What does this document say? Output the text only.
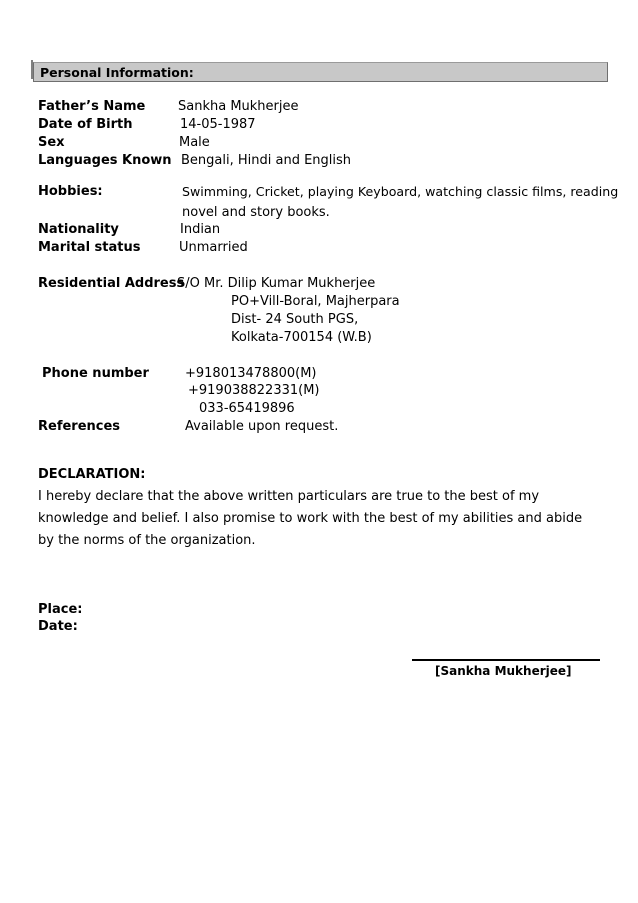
Personal Information:
Father’s Name
Date of Birth
Sex
Languages Known
Hobbies:
Nationality
Marital status
Residential Address
Phone number
References
Sankha Mukherjee
14-05-1987
Male
Bengali, Hindi and English
Swimming, Cricket, playing Keyboard, watching classic films, reading
novel and story books.
Indian
Unmarried
S/O Mr. Dilip Kumar Mukherjee
PO+Vill-Boral, Majherpara
Dist- 24 South PGS,
Kolkata-700154 (W.B)
+918013478800(M)
+919038822331(M)
033-65419896
Available upon request.
DECLARATION:
I hereby declare that the above written particulars are true to the best of my knowledge and belief. I also promise to work with the best of my abilities and abide by the norms of the organization.
Place:
Date:
[Sankha Mukherjee]
